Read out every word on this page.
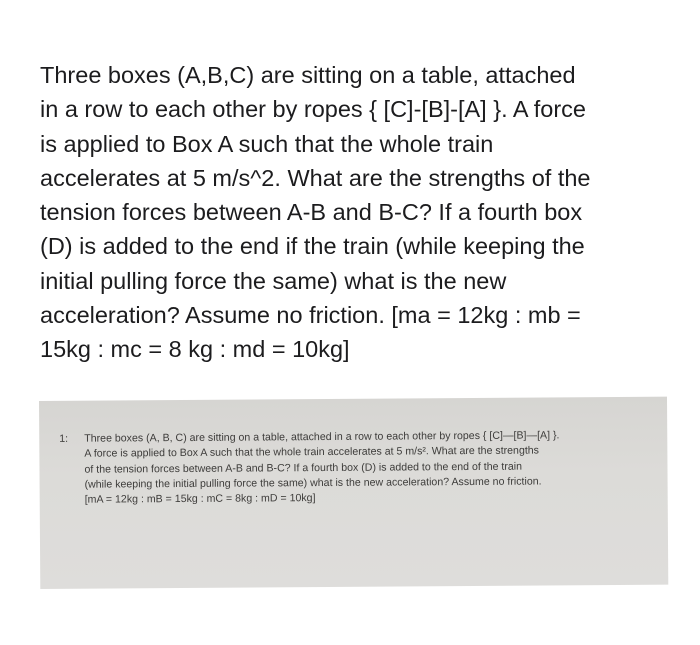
Three boxes (A,B,C) are sitting on a table, attached
in a row to each other by ropes { [C]-[B]-[A] }. A force
is applied to Box A such that the whole train
accelerates at 5 m/s^2. What are the strengths of the
tension forces between A-B and B-C? If a fourth box
(D) is added to the end if the train (while keeping the
initial pulling force the same) what is the new
acceleration? Assume no friction. [ma = 12kg : mb =
15kg : mc = 8 kg : md = 10kg]
1: Three boxes (A, B, C) are sitting on a table, attached in a row to each other by ropes { [C]—[B]—[A] }.
A force is applied to Box A such that the whole train accelerates at 5 m/s². What are the strengths
of the tension forces between A-B and B-C? If a fourth box (D) is added to the end of the train
(while keeping the initial pulling force the same) what is the new acceleration? Assume no friction.
[mA = 12kg : mB = 15kg : mC = 8kg : mD = 10kg]
